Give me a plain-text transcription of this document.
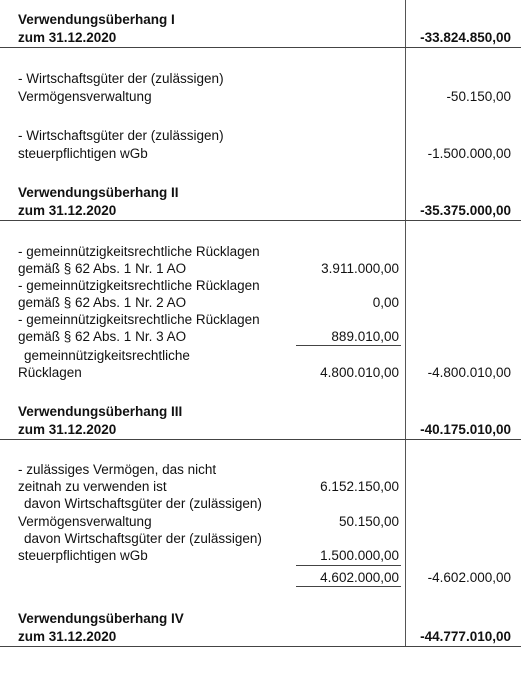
Verwendungsüberhang I
zum 31.12.2020	-33.824.850,00
- Wirtschaftsgüter der (zulässigen)
Vermögensverwaltung	-50.150,00
- Wirtschaftsgüter der (zulässigen)
steuerpflichtigen wGb	-1.500.000,00
Verwendungsüberhang II
zum 31.12.2020	-35.375.000,00
- gemeinnützigkeitsrechtliche Rücklagen
gemäß § 62 Abs. 1 Nr. 1 AO	3.911.000,00
- gemeinnützigkeitsrechtliche Rücklagen
gemäß § 62 Abs. 1 Nr. 2 AO	0,00
- gemeinnützigkeitsrechtliche Rücklagen
gemäß § 62 Abs. 1 Nr. 3 AO	889.010,00
gemeinnützigkeitsrechtliche
Rücklagen	4.800.010,00 -4.800.010,00
Verwendungsüberhang III
zum 31.12.2020	-40.175.010,00
- zulässiges Vermögen, das nicht
zeitnah zu verwenden ist	6.152.150,00
davon Wirtschaftsgüter der (zulässigen)
Vermögensverwaltung	50.150,00
davon Wirtschaftsgüter der (zulässigen)
steuerpflichtigen wGb	1.500.000,00
4.602.000,00 -4.602.000,00
Verwendungsüberhang IV
zum 31.12.2020	-44.777.010,00
